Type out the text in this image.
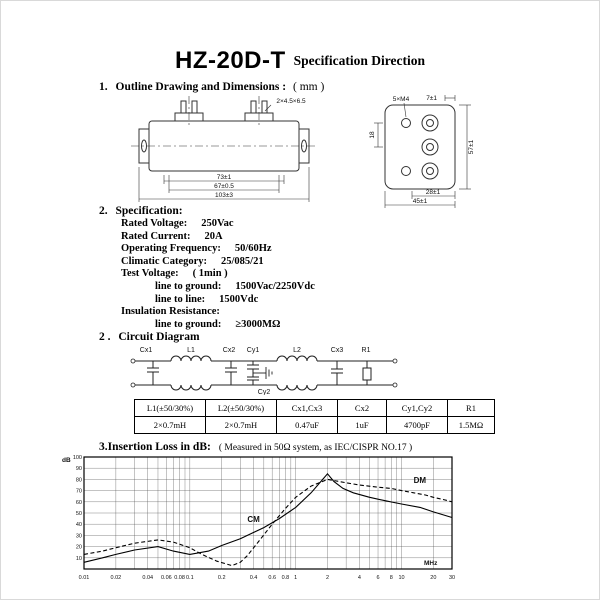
HZ-20D-T Specification Direction
1. Outline Drawing and Dimensions : ( mm )
2×4.5×6.5
73±1
67±0.5
103±3
5×M4
57±1
18
7±1
28±1
45±1
2. Specification:
Rated Voltage: 250Vac
Rated Current: 20A
Operating Frequency: 50/60Hz
Climatic Category: 25/085/21
Test Voltage: ( 1min )
line to ground: 1500Vac/2250Vdc
line to line: 1500Vdc
Insulation Resistance:
line to ground: ≥3000MΩ
2 . Circuit Diagram
Cx1	L1	Cx2 Cy1	L2	Cx3	R1
Cy2
L1(±50/30%)	L2(±50/30%)	Cx1,Cx3	Cx2	Cy1,Cy2	R1
2×0.7mH	2×0.7mH	0.47uF	1uF	4700pF	1.5MΩ
3.Insertion Loss in dB: ( Measured in 50Ω system, as IEC/CISPR NO.17 )
10
20
30
40
50
60
70
80
90
100
0.01	0.02	0.04 0.06 0.08 0.1	0.2	0.4 0.6 0.8 1	2	4	6 8 10	20 30
dB
MHz
CM
DM
